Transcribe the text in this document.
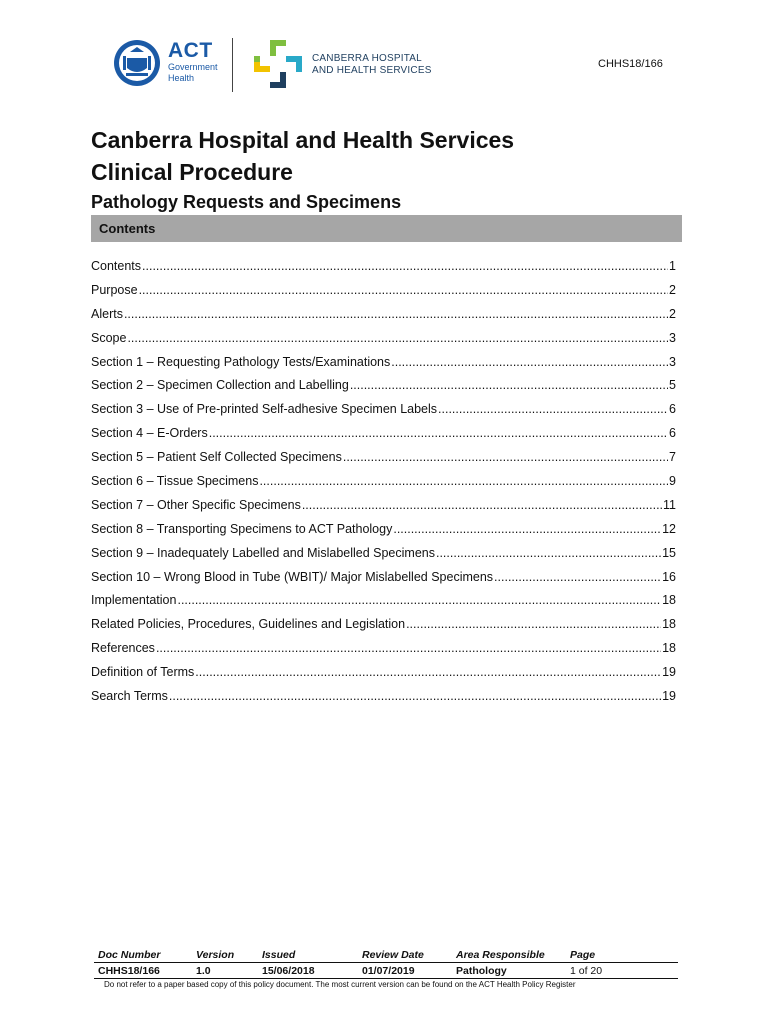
ACT
Government
Health
CANBERRA HOSPITAL
AND HEALTH SERVICES
CHHS18/166
Canberra Hospital and Health Services
Clinical Procedure
Pathology Requests and Specimens
Contents
Contents .....	1
Purpose .....	2
Alerts .....	2
Scope .....	3
Section 1 – Requesting Pathology Tests/Examinations .....	3
Section 2 – Specimen Collection and Labelling .....	5
Section 3 – Use of Pre-printed Self-adhesive Specimen Labels .....	6
Section 4 – E-Orders .....	6
Section 5 – Patient Self Collected Specimens .....	7
Section 6 – Tissue Specimens .....	9
Section 7 – Other Specific Specimens .....	11
Section 8 – Transporting Specimens to ACT Pathology .....	12
Section 9 – Inadequately Labelled and Mislabelled Specimens .....	15
Section 10 – Wrong Blood in Tube (WBIT)/ Major Mislabelled Specimens .....	16
Implementation .....	18
Related Policies, Procedures, Guidelines and Legislation .....	18
References .....	18
Definition of Terms .....	19
Search Terms .....	19
Doc Number	Version	Issued	Review Date	Area Responsible	Page
CHHS18/166	1.0	15/06/2018	01/07/2019	Pathology	1 of 20
Do not refer to a paper based copy of this policy document. The most current version can be found on the ACT Health Policy Register
